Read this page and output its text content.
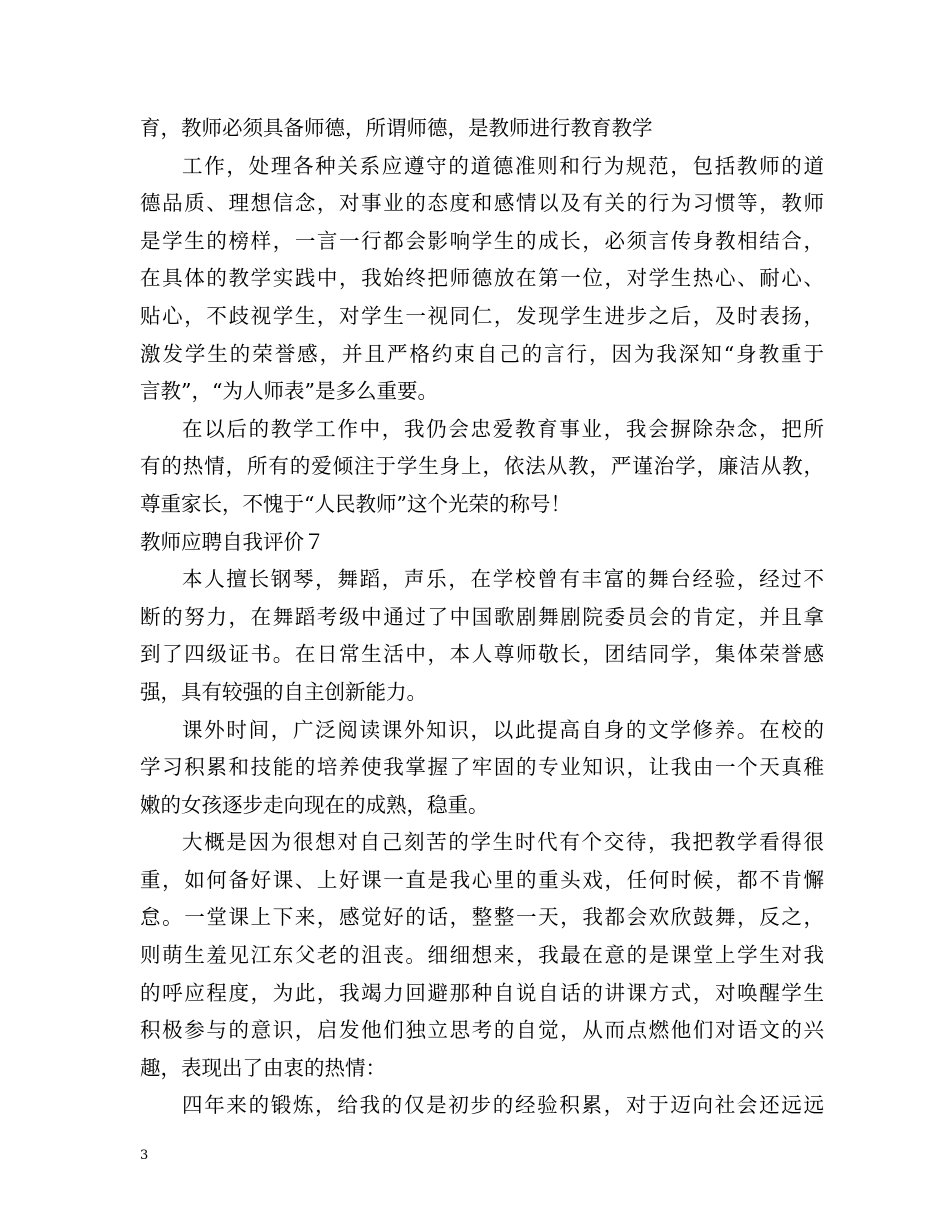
育，教师必须具备师德，所谓师德，是教师进行教育教学
工作，处理各种关系应遵守的道德准则和行为规范，包括教师的道
德品质、理想信念，对事业的态度和感情以及有关的行为习惯等，教师
是学生的榜样，一言一行都会影响学生的成长，必须言传身教相结合，
在具体的教学实践中，我始终把师德放在第一位，对学生热心、耐心、
贴心，不歧视学生，对学生一视同仁，发现学生进步之后，及时表扬，
激发学生的荣誉感，并且严格约束自己的言行，因为我深知“身教重于
言教”，“为人师表”是多么重要。
在以后的教学工作中，我仍会忠爱教育事业，我会摒除杂念，把所
有的热情，所有的爱倾注于学生身上，依法从教，严谨治学，廉洁从教，
尊重家长，不愧于“人民教师”这个光荣的称号！
教师应聘自我评价７
本人擅长钢琴，舞蹈，声乐，在学校曾有丰富的舞台经验，经过不
断的努力，在舞蹈考级中通过了中国歌剧舞剧院委员会的肯定，并且拿
到了四级证书。在日常生活中，本人尊师敬长，团结同学，集体荣誉感
强，具有较强的自主创新能力。
课外时间，广泛阅读课外知识，以此提高自身的文学修养。在校的
学习积累和技能的培养使我掌握了牢固的专业知识，让我由一个天真稚
嫩的女孩逐步走向现在的成熟，稳重。
大概是因为很想对自己刻苦的学生时代有个交待，我把教学看得很
重，如何备好课、上好课一直是我心里的重头戏，任何时候，都不肯懈
怠。一堂课上下来，感觉好的话，整整一天，我都会欢欣鼓舞，反之，
则萌生羞见江东父老的沮丧。细细想来，我最在意的是课堂上学生对我
的呼应程度，为此，我竭力回避那种自说自话的讲课方式，对唤醒学生
积极参与的意识，启发他们独立思考的自觉，从而点燃他们对语文的兴
趣，表现出了由衷的热情：
四年来的锻炼，给我的仅是初步的经验积累，对于迈向社会还远远
3
